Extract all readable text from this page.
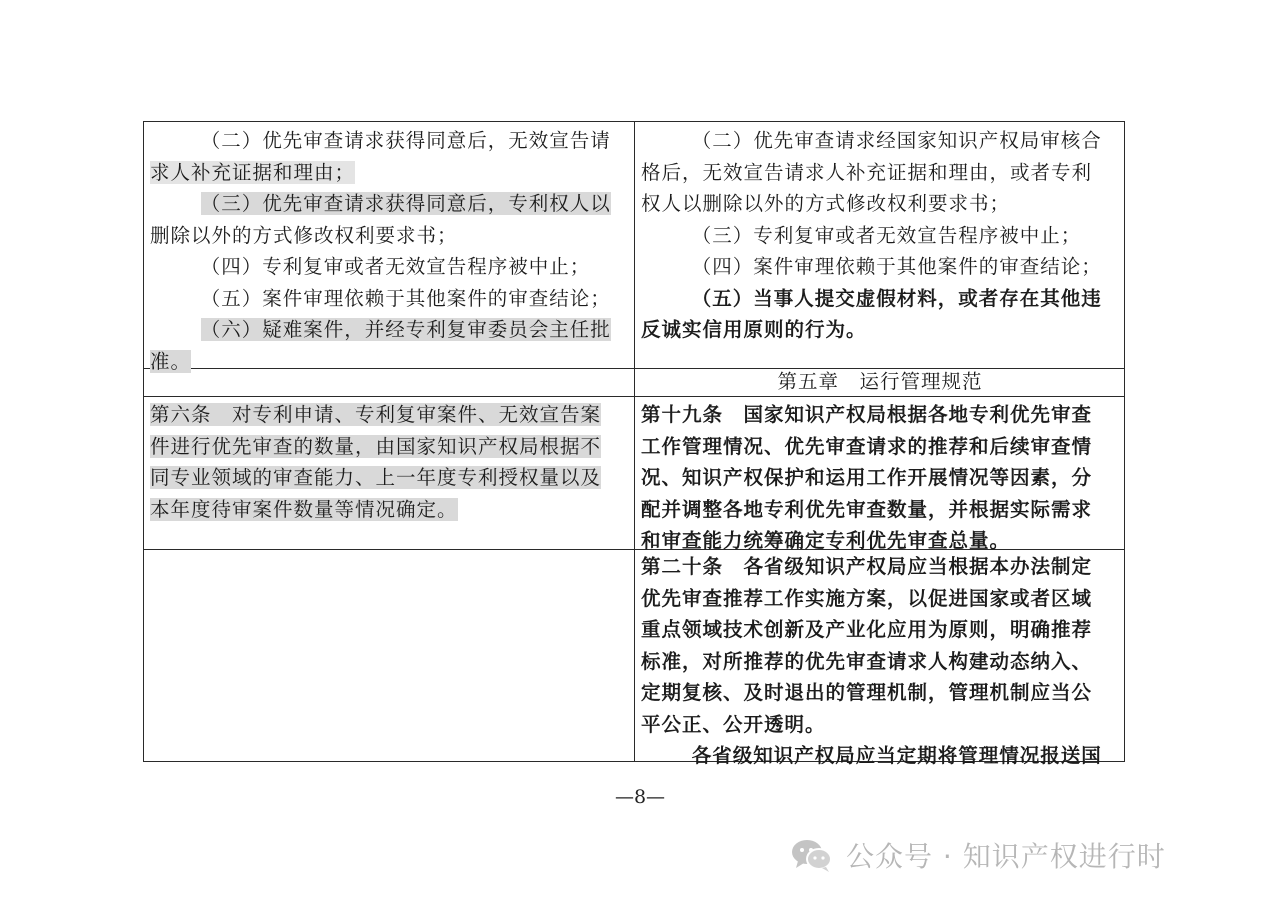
（二）优先审查请求获得同意后，无效宣告请
求人补充证据和理由；
（三）优先审查请求获得同意后，专利权人以
删除以外的方式修改权利要求书；
（四）专利复审或者无效宣告程序被中止；
（五）案件审理依赖于其他案件的审查结论；
（六）疑难案件，并经专利复审委员会主任批
准。
（二）优先审查请求经国家知识产权局审核合
格后，无效宣告请求人补充证据和理由，或者专利
权人以删除以外的方式修改权利要求书；
（三）专利复审或者无效宣告程序被中止；
（四）案件审理依赖于其他案件的审查结论；
（五）当事人提交虚假材料，或者存在其他违
反诚实信用原则的行为。
第五章　运行管理规范
第六条　对专利申请、专利复审案件、无效宣告案
件进行优先审查的数量，由国家知识产权局根据不
同专业领域的审查能力、上一年度专利授权量以及
本年度待审案件数量等情况确定。
第十九条　国家知识产权局根据各地专利优先审查
工作管理情况、优先审查请求的推荐和后续审查情
况、知识产权保护和运用工作开展情况等因素，分
配并调整各地专利优先审查数量，并根据实际需求
和审查能力统筹确定专利优先审查总量。
第二十条　各省级知识产权局应当根据本办法制定
优先审查推荐工作实施方案，以促进国家或者区域
重点领域技术创新及产业化应用为原则，明确推荐
标准，对所推荐的优先审查请求人构建动态纳入、
定期复核、及时退出的管理机制，管理机制应当公
平公正、公开透明。
各省级知识产权局应当定期将管理情况报送国
—8—
公众号 · 知识产权进行时
